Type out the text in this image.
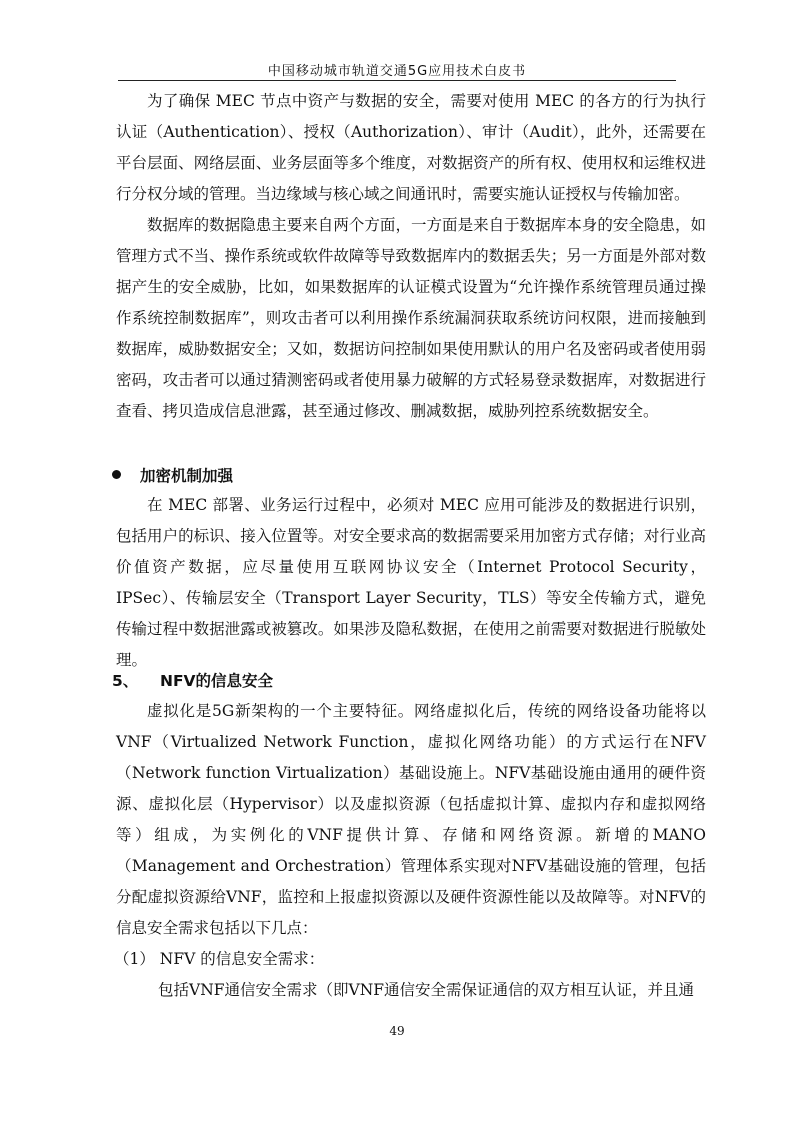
中国移动城市轨道交通5G应用技术白皮书

为了确保 MEC 节点中资产与数据的安全，需要对使用 MEC 的各方的行为执行认证（Authentication）、授权（Authorization）、审计（Audit），此外，还需要在平台层面、网络层面、业务层面等多个维度，对数据资产的所有权、使用权和运维权进行分权分域的管理。当边缘域与核心域之间通讯时，需要实施认证授权与传输加密。

数据库的数据隐患主要来自两个方面，一方面是来自于数据库本身的安全隐患，如管理方式不当、操作系统或软件故障等导致数据库内的数据丢失；另一方面是外部对数据产生的安全威胁，比如，如果数据库的认证模式设置为“允许操作系统管理员通过操作系统控制数据库”，则攻击者可以利用操作系统漏洞获取系统访问权限，进而接触到数据库，威胁数据安全；又如，数据访问控制如果使用默认的用户名及密码或者使用弱密码，攻击者可以通过猜测密码或者使用暴力破解的方式轻易登录数据库，对数据进行查看、拷贝造成信息泄露，甚至通过修改、删减数据，威胁列控系统数据安全。

加密机制加强

在 MEC 部署、业务运行过程中，必须对 MEC 应用可能涉及的数据进行识别，包括用户的标识、接入位置等。对安全要求高的数据需要采用加密方式存储；对行业高价值资产数据，应尽量使用互联网协议安全（Internet Protocol Security，IPSec）、传输层安全（Transport Layer Security，TLS）等安全传输方式，避免传输过程中数据泄露或被篡改。如果涉及隐私数据，在使用之前需要对数据进行脱敏处理。

5、	NFV的信息安全

虚拟化是5G新架构的一个主要特征。网络虚拟化后，传统的网络设备功能将以VNF（Virtualized Network Function，虚拟化网络功能）的方式运行在NFV（Network function Virtualization）基础设施上。NFV基础设施由通用的硬件资源、虚拟化层（Hypervisor）以及虚拟资源（包括虚拟计算、虚拟内存和虚拟网络等）组成，为实例化的VNF提供计算、存储和网络资源。新增的MANO（Management and Orchestration）管理体系实现对NFV基础设施的管理，包括分配虚拟资源给VNF，监控和上报虚拟资源以及硬件资源性能以及故障等。对NFV的信息安全需求包括以下几点：

（1） NFV 的信息安全需求：
包括VNF通信安全需求（即VNF通信安全需保证通信的双方相互认证，并且通
49
